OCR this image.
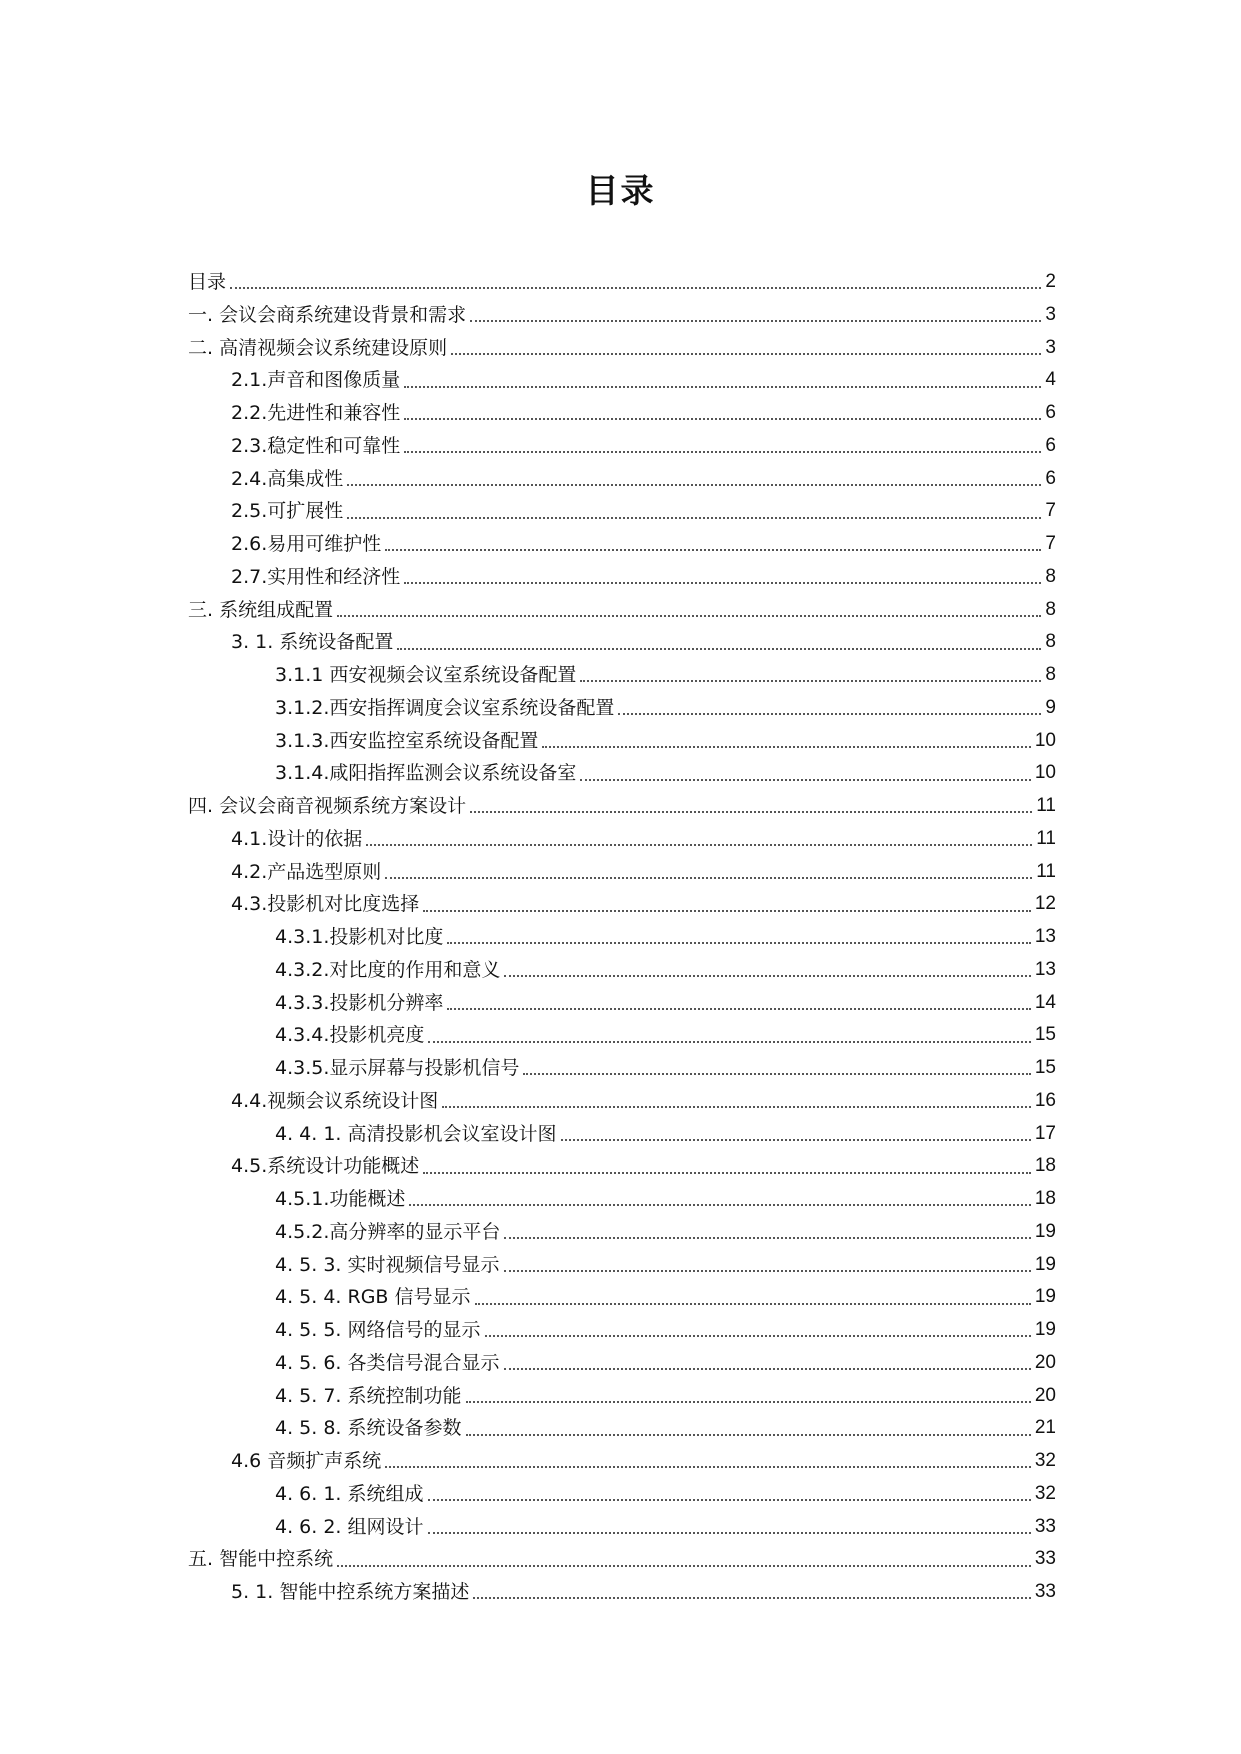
目录
目录	2
一. 会议会商系统建设背景和需求	3
二. 高清视频会议系统建设原则	3
2.1.声音和图像质量	4
2.2.先进性和兼容性	6
2.3.稳定性和可靠性	6
2.4.高集成性	6
2.5.可扩展性	7
2.6.易用可维护性	7
2.7.实用性和经济性	8
三. 系统组成配置	8
3. 1. 系统设备配置	8
3.1.1 西安视频会议室系统设备配置	8
3.1.2.西安指挥调度会议室系统设备配置	9
3.1.3.西安监控室系统设备配置	10
3.1.4.咸阳指挥监测会议系统设备室	10
四. 会议会商音视频系统方案设计	11
4.1.设计的依据	11
4.2.产品选型原则	11
4.3.投影机对比度选择	12
4.3.1.投影机对比度	13
4.3.2.对比度的作用和意义	13
4.3.3.投影机分辨率	14
4.3.4.投影机亮度	15
4.3.5.显示屏幕与投影机信号	15
4.4.视频会议系统设计图	16
4. 4. 1. 高清投影机会议室设计图	17
4.5.系统设计功能概述	18
4.5.1.功能概述	18
4.5.2.高分辨率的显示平台	19
4. 5. 3. 实时视频信号显示	19
4. 5. 4. RGB 信号显示	19
4. 5. 5. 网络信号的显示	19
4. 5. 6. 各类信号混合显示	20
4. 5. 7. 系统控制功能	20
4. 5. 8. 系统设备参数	21
4.6 音频扩声系统	32
4. 6. 1. 系统组成	32
4. 6. 2. 组网设计	33
五. 智能中控系统	33
5. 1. 智能中控系统方案描述	33
